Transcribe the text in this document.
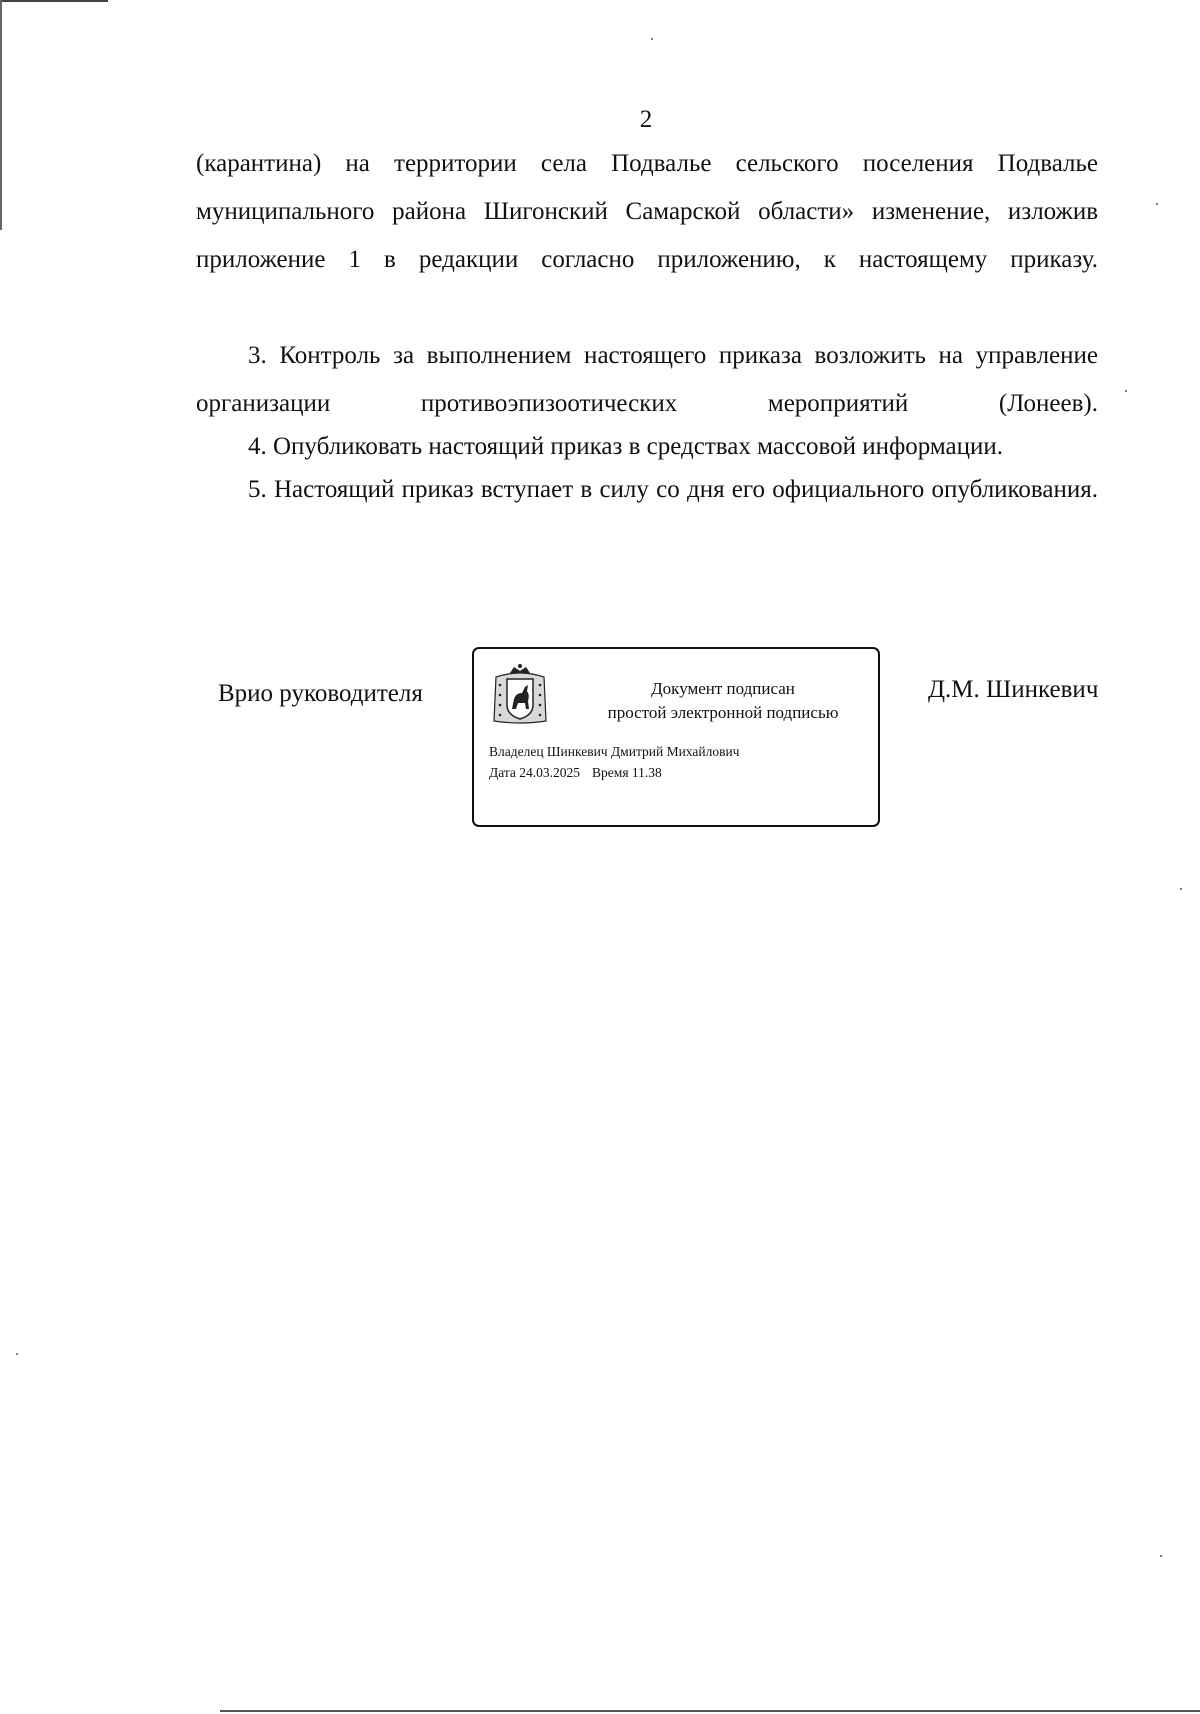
2

(карантина) на территории села Подвалье сельского поселения Подвалье муниципального района Шигонский Самарской области» изменение, изложив приложение 1 в редакции согласно приложению, к настоящему приказу.

3. Контроль за выполнением настоящего приказа возложить на управление организации противоэпизоотических мероприятий (Лонеев).

4. Опубликовать настоящий приказ в средствах массовой информации.

5. Настоящий приказ вступает в силу со дня его официального опубликования.

Врио руководителя	Документ подписан
простой электронной подписью
Владелец Шинкевич Дмитрий Михайлович
Дата 24.03.2025 Время 11.38
Д.М. Шинкевич
